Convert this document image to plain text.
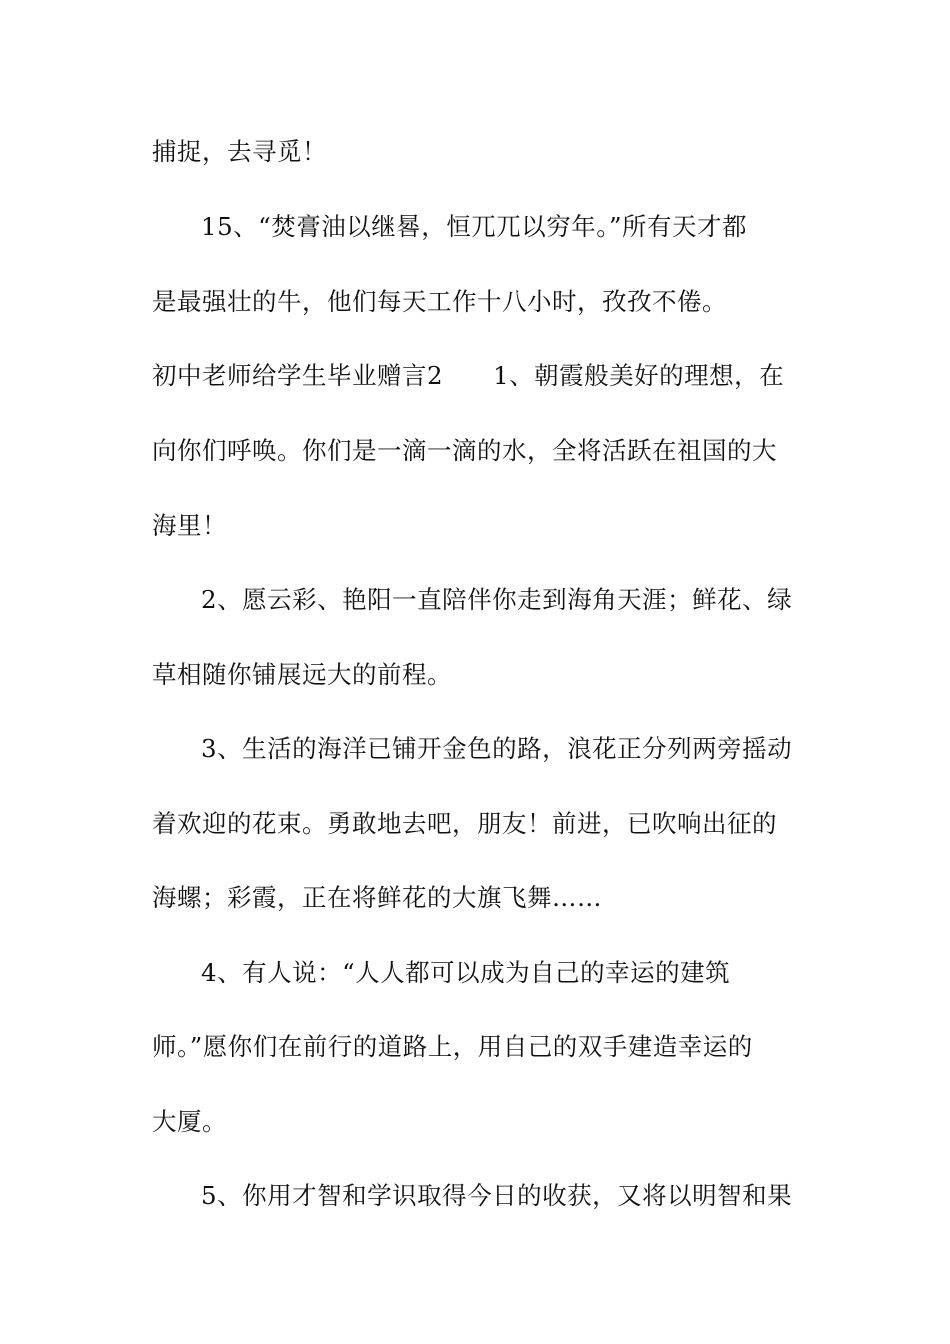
捕捉，去寻觅！
15、“焚膏油以继晷，恒兀兀以穷年。”所有天才都
是最强壮的牛，他们每天工作十八小时，孜孜不倦。
初中老师给学生毕业赠言2　　1、朝霞般美好的理想，在
向你们呼唤。你们是一滴一滴的水，全将活跃在祖国的大
海里！
2、愿云彩、艳阳一直陪伴你走到海角天涯；鲜花、绿
草相随你铺展远大的前程。
3、生活的海洋已铺开金色的路，浪花正分列两旁摇动
着欢迎的花束。勇敢地去吧，朋友！前进，已吹响出征的
海螺；彩霞，正在将鲜花的大旗飞舞……
4、有人说：“人人都可以成为自己的幸运的建筑
师。”愿你们在前行的道路上，用自己的双手建造幸运的
大厦。
5、你用才智和学识取得今日的收获，又将以明智和果
